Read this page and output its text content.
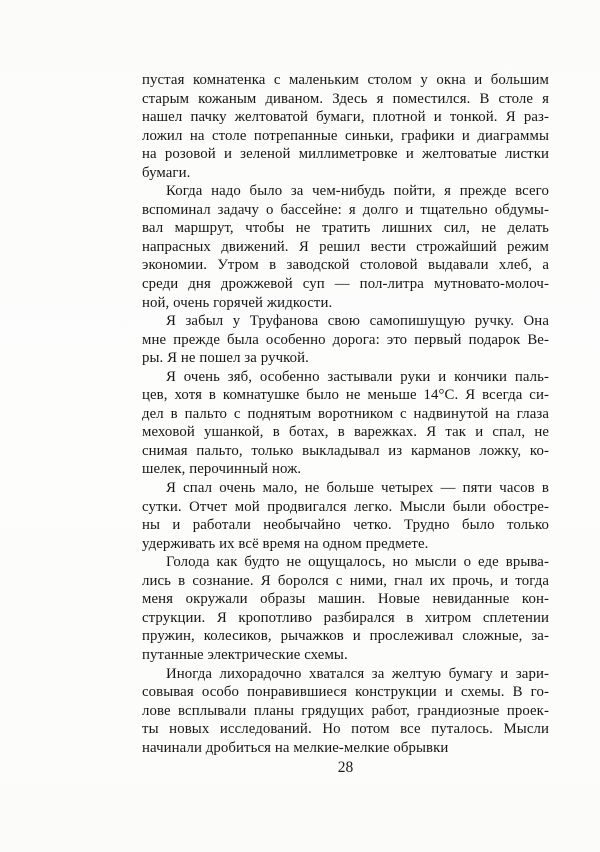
пустая комнатенка с маленьким столом у окна и большим
старым кожаным диваном. Здесь я поместился. В столе я
нашел пачку желтоватой бумаги, плотной и тонкой. Я раз-
ложил на столе потрепанные синьки, графики и диаграммы
на розовой и зеленой миллиметровке и желтоватые листки
бумаги.
Когда надо было за чем-нибудь пойти, я прежде всего
вспоминал задачу о бассейне: я долго и тщательно обдумы-
вал маршрут, чтобы не тратить лишних сил, не делать
напрасных движений. Я решил вести строжайший режим
экономии. Утром в заводской столовой выдавали хлеб, а
среди дня дрожжевой суп — пол-литра мутновато-молоч-
ной, очень горячей жидкости.
Я забыл у Труфанова свою самопишущую ручку. Она
мне прежде была особенно дорога: это первый подарок Ве-
ры. Я не пошел за ручкой.
Я очень зяб, особенно застывали руки и кончики паль-
цев, хотя в комнатушке было не меньше 14°С. Я всегда си-
дел в пальто с поднятым воротником с надвинутой на глаза
меховой ушанкой, в ботах, в варежках. Я так и спал, не
снимая пальто, только выкладывал из карманов ложку, ко-
шелек, перочинный нож.
Я спал очень мало, не больше четырех — пяти часов в
сутки. Отчет мой продвигался легко. Мысли были обостре-
ны и работали необычайно четко. Трудно было только
удерживать их всё время на одном предмете.
Голода как будто не ощущалось, но мысли о еде врыва-
лись в сознание. Я боролся с ними, гнал их прочь, и тогда
меня окружали образы машин. Новые невиданные кон-
струкции. Я кропотливо разбирался в хитром сплетении
пружин, колесиков, рычажков и прослеживал сложные, за-
путанные электрические схемы.
Иногда лихорадочно хватался за желтую бумагу и зари-
совывая особо понравившиеся конструкции и схемы. В го-
лове всплывали планы грядущих работ, грандиозные проек-
ты новых исследований. Но потом все путалось. Мысли
начинали дробиться на мелкие-мелкие обрывки
28
